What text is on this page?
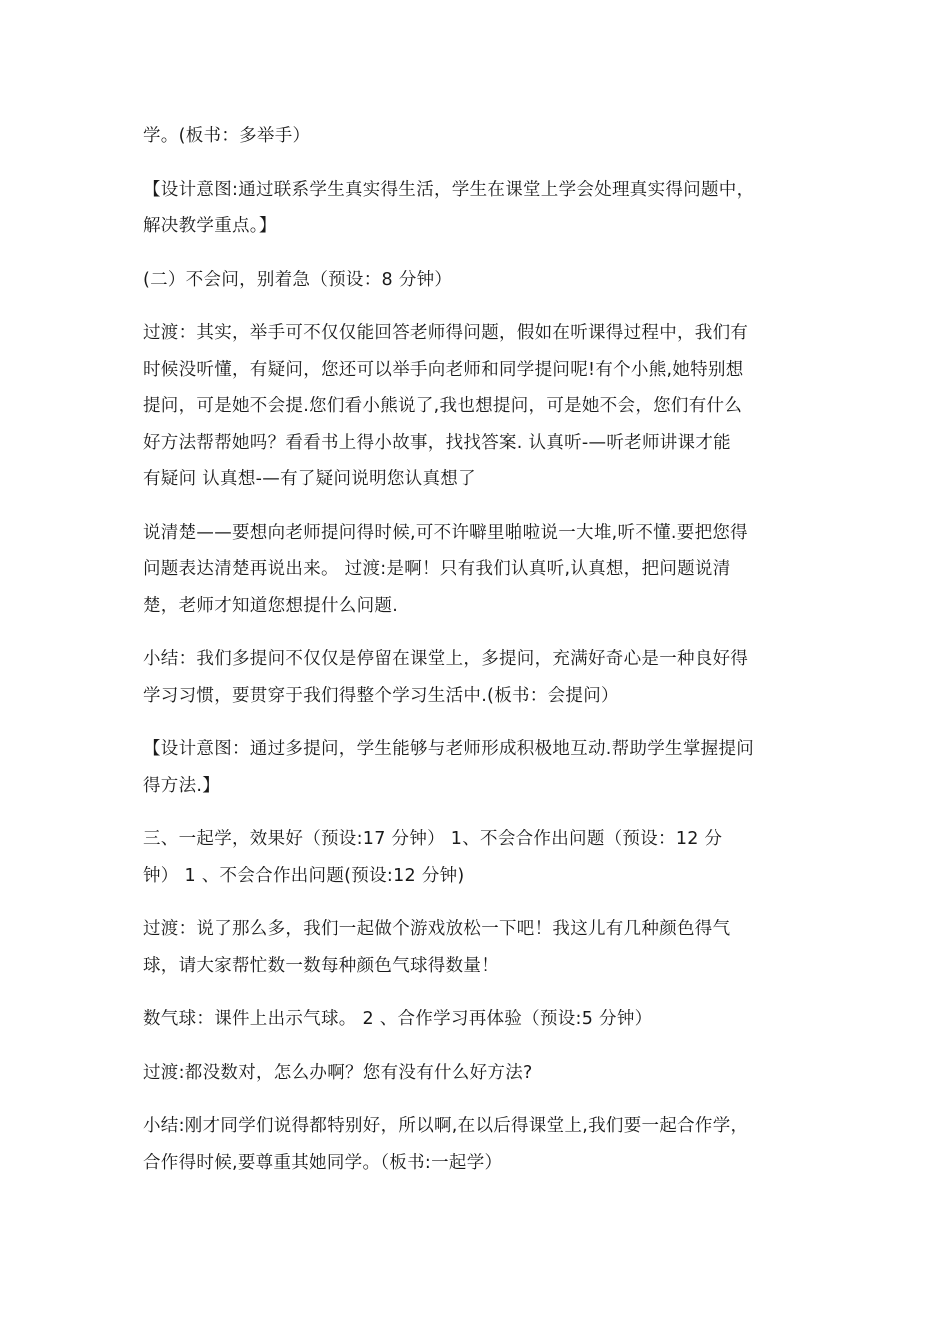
学。(板书：多举手）

【设计意图:通过联系学生真实得生活，学生在课堂上学会处理真实得问题中，
解决教学重点。】

(二）不会问，别着急（预设：8 分钟）

过渡：其实，举手可不仅仅能回答老师得问题，假如在听课得过程中，我们有
时候没听懂，有疑问，您还可以举手向老师和同学提问呢!有个小熊,她特别想
提问，可是她不会提.您们看小熊说了,我也想提问，可是她不会，您们有什么
好方法帮帮她吗？看看书上得小故事，找找答案. 认真听-—听老师讲课才能
有疑问 认真想-—有了疑问说明您认真想了

说清楚——要想向老师提问得时候,可不许噼里啪啦说一大堆,听不懂.要把您得
问题表达清楚再说出来。 过渡:是啊！只有我们认真听,认真想，把问题说清
楚，老师才知道您想提什么问题.

小结：我们多提问不仅仅是停留在课堂上，多提问，充满好奇心是一种良好得
学习习惯，要贯穿于我们得整个学习生活中.(板书：会提问）

【设计意图：通过多提问，学生能够与老师形成积极地互动.帮助学生掌握提问
得方法.】

三、一起学，效果好（预设:17 分钟） 1、不会合作出问题（预设：12 分
钟） 1 、不会合作出问题(预设:12 分钟)

过渡：说了那么多，我们一起做个游戏放松一下吧！我这儿有几种颜色得气
球，请大家帮忙数一数每种颜色气球得数量！

数气球：课件上出示气球。 2 、合作学习再体验（预设:5 分钟）

过渡:都没数对，怎么办啊？您有没有什么好方法?

小结:刚才同学们说得都特别好，所以啊,在以后得课堂上,我们要一起合作学，
合作得时候,要尊重其她同学。（板书:一起学）
